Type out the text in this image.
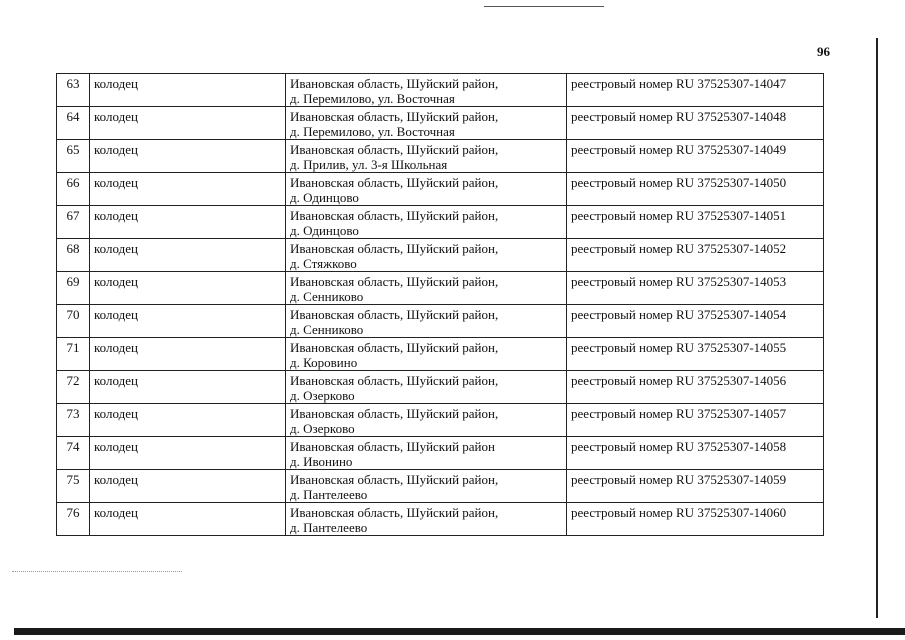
96
63	колодец	Ивановская область, Шуйский район,
д. Перемилово, ул. Восточная	реестровый номер RU 37525307-14047
64	колодец	Ивановская область, Шуйский район,
д. Перемилово, ул. Восточная	реестровый номер RU 37525307-14048
65	колодец	Ивановская область, Шуйский район,
д. Прилив, ул. 3-я Школьная	реестровый номер RU 37525307-14049
66	колодец	Ивановская область, Шуйский район,
д. Одинцово	реестровый номер RU 37525307-14050
67	колодец	Ивановская область, Шуйский район,
д. Одинцово	реестровый номер RU 37525307-14051
68	колодец	Ивановская область, Шуйский район,
д. Стяжково	реестровый номер RU 37525307-14052
69	колодец	Ивановская область, Шуйский район,
д. Сенниково	реестровый номер RU 37525307-14053
70	колодец	Ивановская область, Шуйский район,
д. Сенниково	реестровый номер RU 37525307-14054
71	колодец	Ивановская область, Шуйский район,
д. Коровино	реестровый номер RU 37525307-14055
72	колодец	Ивановская область, Шуйский район,
д. Озерково	реестровый номер RU 37525307-14056
73	колодец	Ивановская область, Шуйский район,
д. Озерково	реестровый номер RU 37525307-14057
74	колодец	Ивановская область, Шуйский район
д. Ивонино	реестровый номер RU 37525307-14058
75	колодец	Ивановская область, Шуйский район,
д. Пантелеево	реестровый номер RU 37525307-14059
76	колодец	Ивановская область, Шуйский район,
д. Пантелеево	реестровый номер RU 37525307-14060
